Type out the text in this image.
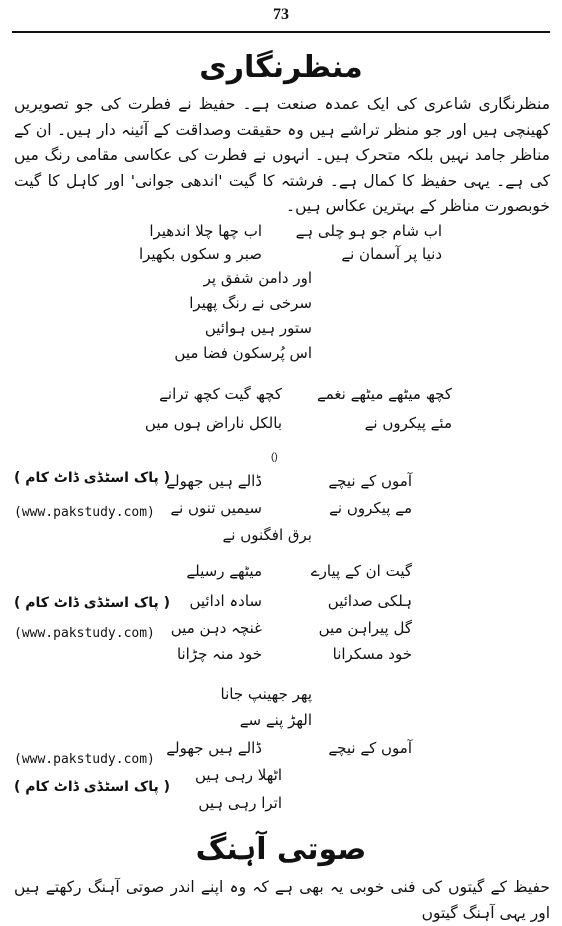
73
منظرنگاری
منظرنگاری شاعری کی ایک عمدہ صنعت ہے۔ حفیظ نے فطرت کی جو تصویریں کھینچی ہیں اور جو منظر تراشے ہیں وہ حقیقت وصداقت کے آئینہ دار ہیں۔ ان کے مناظر جامد نہیں بلکہ متحرک ہیں۔ انہوں نے فطرت کی عکاسی مقامی رنگ میں کی ہے۔ یہی حفیظ کا کمال ہے۔ فرشتہ کا گیت 'اندھی جوانی' اور کاہل کا گیت خوبصورت مناظر کے بہترین عکاس ہیں۔
اب شام جو ہو چلی ہےاب چھا چلا اندھیرا
دنیا پر آسمان نےصبر و سکوں بکھیرا
اور دامن شفق پر
سرخی نے رنگ پھیرا
ستور ہیں ہوائیں
اس پُرسکون فضا میں
کچھ میٹھے میٹھے نغمےکچھ گیت کچھ ترانے
مئے پیکروں نےبالکل ناراض ہوں میں
()
آموں کے نیچےڈالے ہیں جھولے
مے پیکروں نےسیمیں تنوں نے
برق افگنوں نے
گیت ان کے پیارےمیٹھے رسیلے
ہلکی صدائیںسادہ ادائیں
گل پیراہن میںغنچہ دہن میں
خود مسکراناخود منہ چڑانا
پھر جھینپ جانا
الھڑ پنے سے
آموں کے نیچےڈالے ہیں جھولے
اٹھلا رہی ہیں
اترا رہی ہیں
( پاک اسٹڈی ڈاٹ کام )
(www.pakstudy.com)
( پاک اسٹڈی ڈاٹ کام )
(www.pakstudy.com)
(www.pakstudy.com)
( پاک اسٹڈی ڈاٹ کام )
صوتی آہنگ
حفیظ کے گیتوں کی فنی خوبی یہ بھی ہے کہ وہ اپنے اندر صوتی آہنگ رکھتے ہیں اور یہی آہنگ گیتوں
